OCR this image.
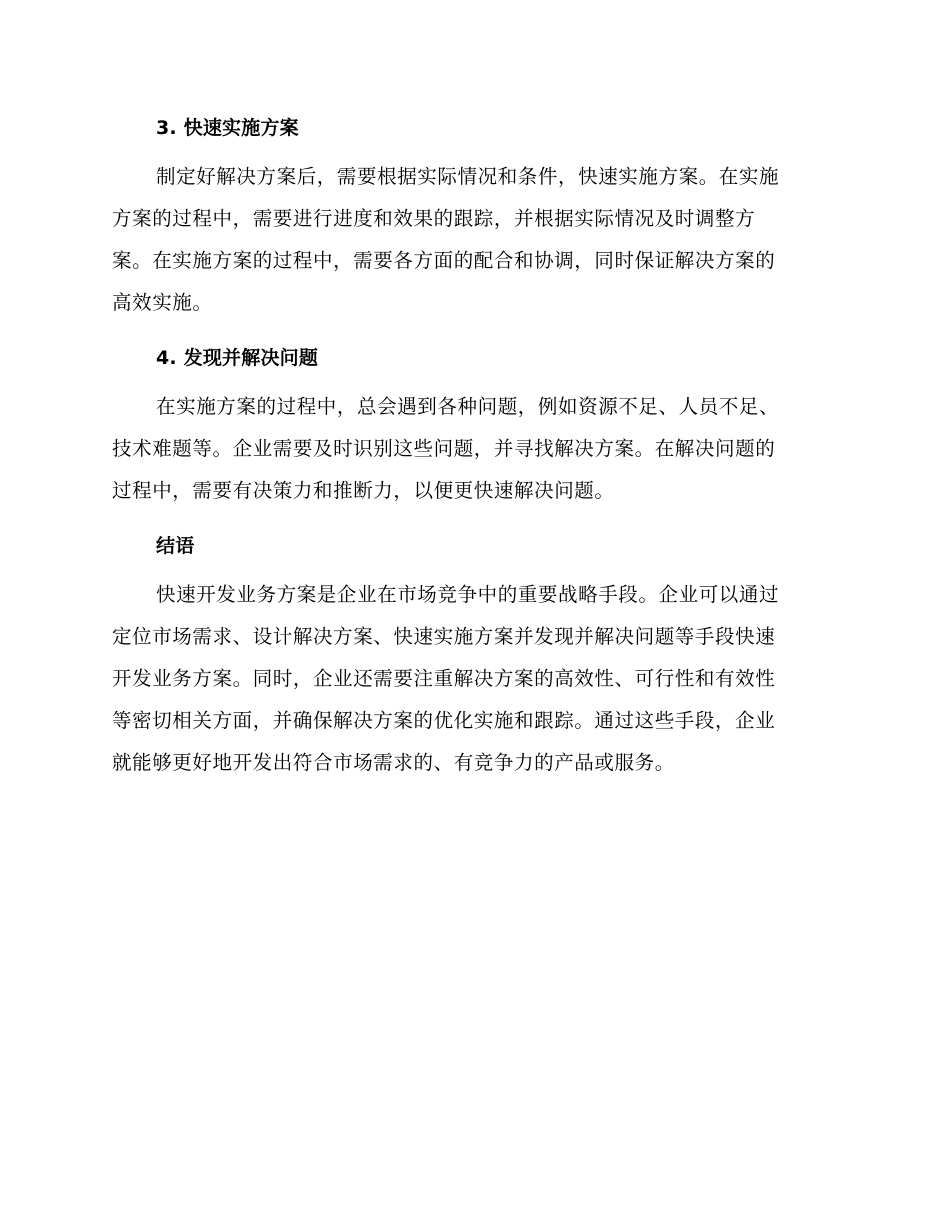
3. 快速实施方案
制定好解决方案后，需要根据实际情况和条件，快速实施方案。在实施
方案的过程中，需要进行进度和效果的跟踪，并根据实际情况及时调整方
案。在实施方案的过程中，需要各方面的配合和协调，同时保证解决方案的
高效实施。
4. 发现并解决问题
在实施方案的过程中，总会遇到各种问题，例如资源不足、人员不足、
技术难题等。企业需要及时识别这些问题，并寻找解决方案。在解决问题的
过程中，需要有决策力和推断力，以便更快速解决问题。
结语
快速开发业务方案是企业在市场竞争中的重要战略手段。企业可以通过
定位市场需求、设计解决方案、快速实施方案并发现并解决问题等手段快速
开发业务方案。同时，企业还需要注重解决方案的高效性、可行性和有效性
等密切相关方面，并确保解决方案的优化实施和跟踪。通过这些手段，企业
就能够更好地开发出符合市场需求的、有竞争力的产品或服务。
